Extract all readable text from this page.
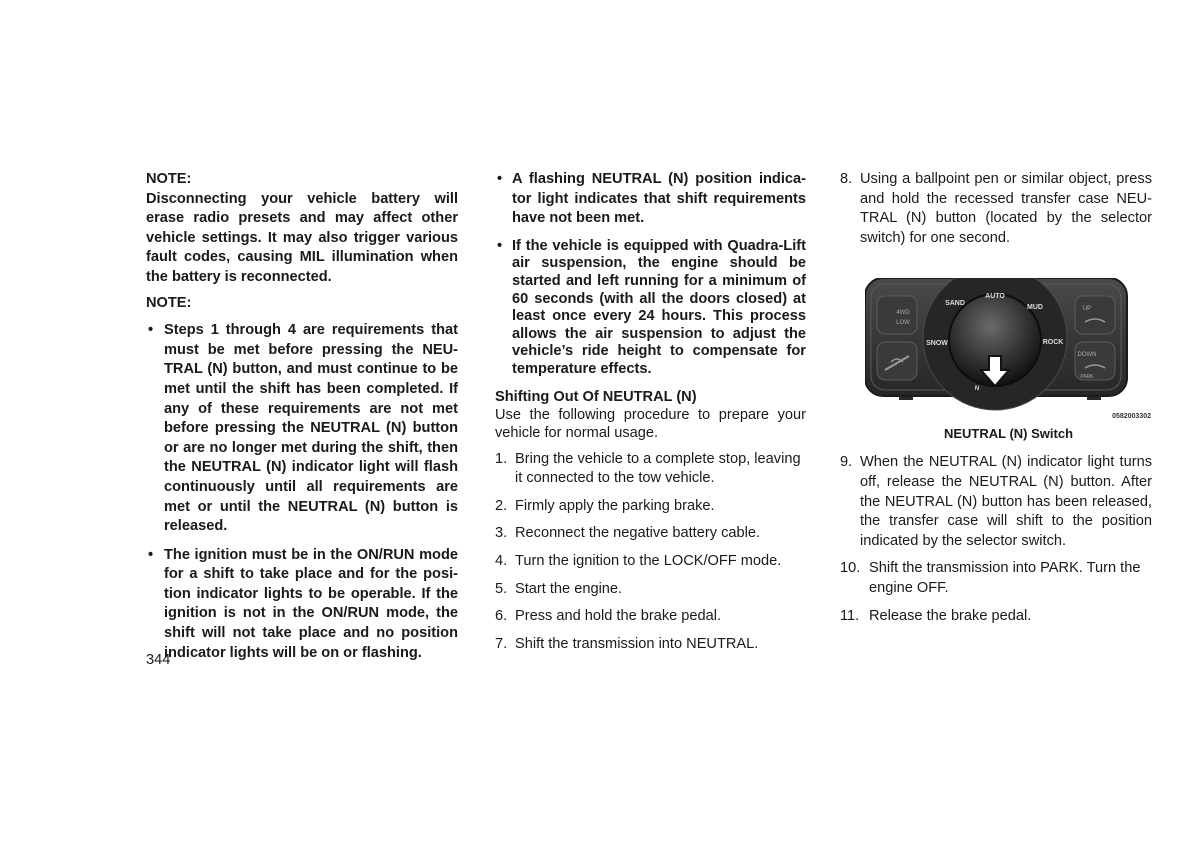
NOTE:
Disconnecting your vehicle battery will erase radio presets and may affect other vehicle settings. It may also trigger various fault codes, causing MIL illumination when the battery is reconnected.
NOTE:
• Steps 1 through 4 are requirements that must be met before pressing the NEU-TRAL (N) button, and must continue to be met until the shift has been completed. If any of these requirements are not met before pressing the NEUTRAL (N) button or are no longer met during the shift, then the NEUTRAL (N) indicator light will flash continuously until all requirements are met or until the NEUTRAL (N) button is released.
• The ignition must be in the ON/RUN mode for a shift to take place and for the posi-tion indicator lights to be operable. If the ignition is not in the ON/RUN mode, the shift will not take place and no position indicator lights will be on or flashing.
• A flashing NEUTRAL (N) position indica-tor light indicates that shift requirements have not been met.
• If the vehicle is equipped with Quadra-Lift air suspension, the engine should be started and left running for a minimum of 60 seconds (with all the doors closed) at least once every 24 hours. This process allows the air suspension to adjust the vehicle’s ride height to compensate for temperature effects.
Shifting Out Of NEUTRAL (N)
Use the following procedure to prepare your vehicle for normal usage.
1. Bring the vehicle to a complete stop, leaving it connected to the tow vehicle.
2. Firmly apply the parking brake.
3. Reconnect the negative battery cable.
4. Turn the ignition to the LOCK/OFF mode.
5. Start the engine.
6. Press and hold the brake pedal.
7. Shift the transmission into NEUTRAL.
8. Using a ballpoint pen or similar object, press and hold the recessed transfer case NEU-TRAL (N) button (located by the selector switch) for one second.
AUTO
SAND
MUD
SNOW	ROCK
4WD
LOW
UP
DOWN
PARK
N
0582003302
NEUTRAL (N) Switch
9. When the NEUTRAL (N) indicator light turns off, release the NEUTRAL (N) button. After the NEUTRAL (N) button has been released, the transfer case will shift to the position indicated by the selector switch.
10. Shift the transmission into PARK. Turn the engine OFF.
11. Release the brake pedal.
344
